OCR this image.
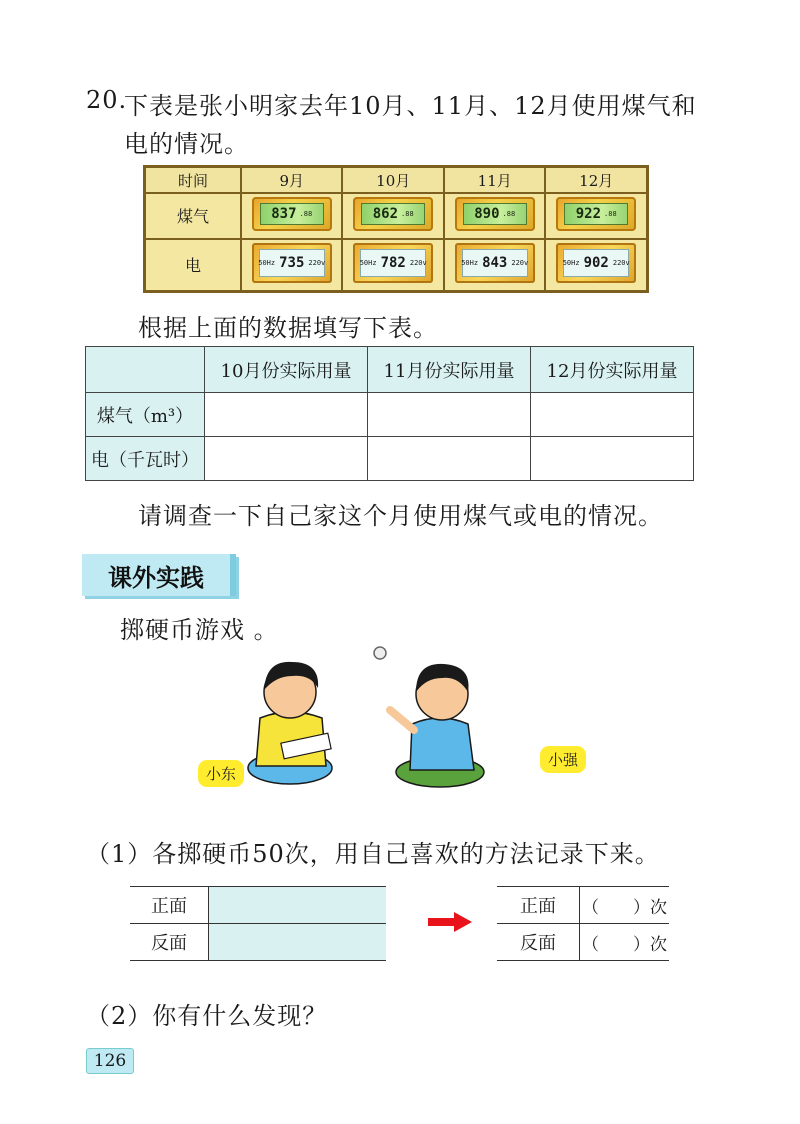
20.
下表是张小明家去年10月、11月、12月使用煤气和
电的情况。
时间	9月	10月	11月	12月
煤气	837 .88	862 .88	890 .88	922 .88

电	50Hz 735 220v	50Hz 782 220v	50Hz 843 220v	50Hz 902 220v
根据上面的数据填写下表。
	10月份实际用量	11月份实际用量	12月份实际用量
煤气（m³）			
电（千瓦时）			
请调查一下自己家这个月使用煤气或电的情况。
课外实践
掷硬币游戏 。
小东
小强
（1）各掷硬币50次，用自己喜欢的方法记录下来。
正面	
反面	
正面	（　　）次
反面	（　　）次
（2）你有什么发现？
126
